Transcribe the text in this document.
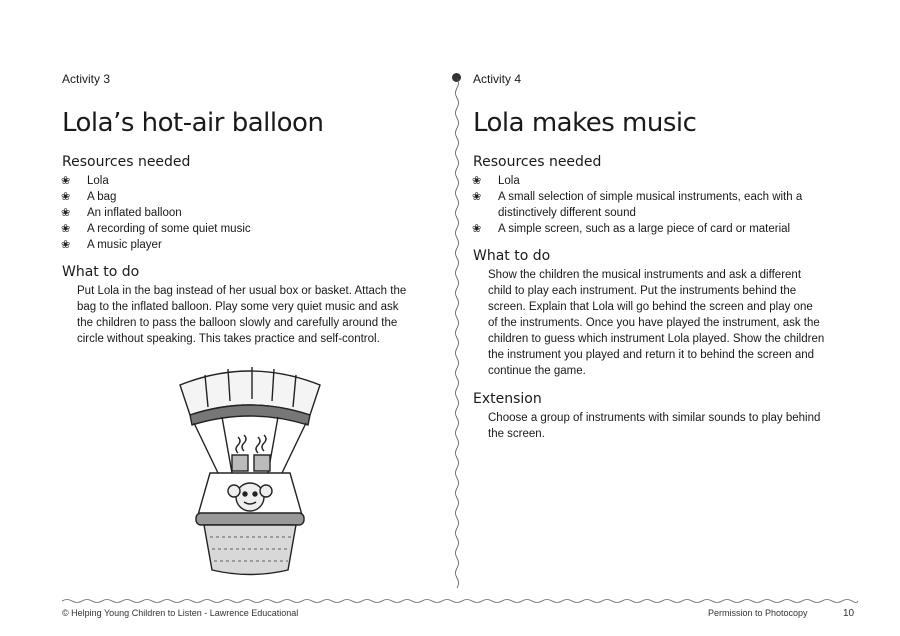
Activity 3
Lola’s hot-air balloon
Resources needed
❀ Lola
❀ A bag
❀ An inflated balloon
❀ A recording of some quiet music
❀ A music player
What to do
Put Lola in the bag instead of her usual box or basket. Attach the
bag to the inflated balloon. Play some very quiet music and ask
the children to pass the balloon slowly and carefully around the
circle without speaking. This takes practice and self-control.
Activity 4
Lola makes music
Resources needed
❀ Lola
❀ A small selection of simple musical instruments, each with a
distinctively different sound
❀ A simple screen, such as a large piece of card or material
What to do
Show the children the musical instruments and ask a different
child to play each instrument. Put the instruments behind the
screen. Explain that Lola will go behind the screen and play one
of the instruments. Once you have played the instrument, ask the
children to guess which instrument Lola played. Show the children
the instrument you played and return it to behind the screen and
continue the game.
Extension
Choose a group of instruments with similar sounds to play behind
the screen.
© Helping Young Children to Listen - Lawrence Educational	Permission to Photocopy	10
